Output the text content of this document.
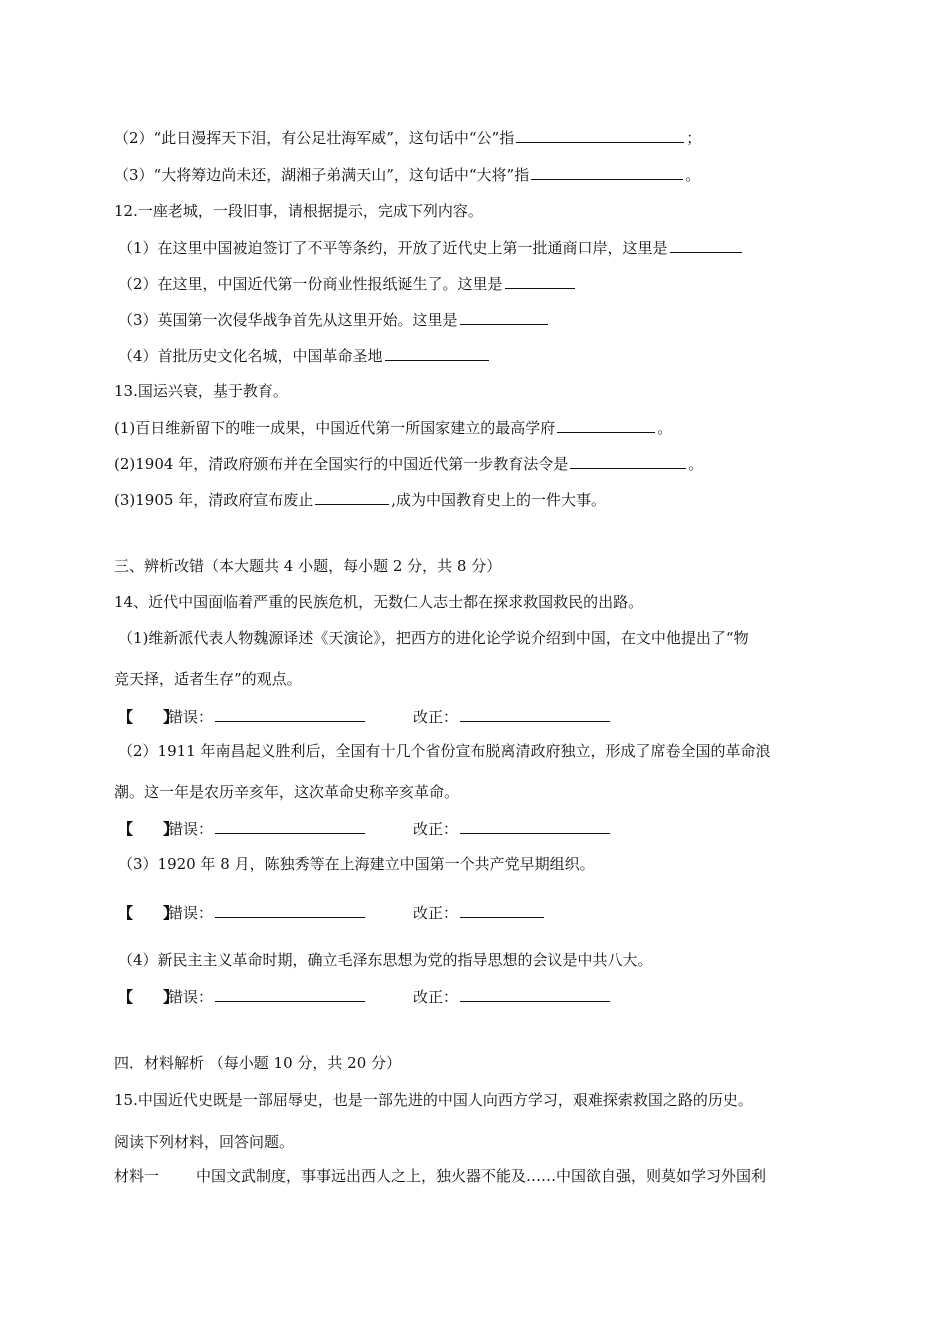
（2）“此日漫挥天下泪，有公足壮海军威”，这句话中“公”指	；
（3）“大将筹边尚未还，湖湘子弟满天山”，这句话中“大将”指	。
12.一座老城，一段旧事，请根据提示，完成下列内容。
（1）在这里中国被迫签订了不平等条约，开放了近代史上第一批通商口岸，这里是
（2）在这里，中国近代第一份商业性报纸诞生了。这里是
（3）英国第一次侵华战争首先从这里开始。这里是
（4）首批历史文化名城，中国革命圣地
13.国运兴衰，基于教育。
(1)百日维新留下的唯一成果，中国近代第一所国家建立的最高学府	。
(2)1904 年，清政府颁布并在全国实行的中国近代第一步教育法令是	。
(3)1905 年，清政府宣布废止	,成为中国教育史上的一件大事。
三、辨析改错（本大题共 4 小题，每小题 2 分，共 8 分）
14、近代中国面临着严重的民族危机，无数仁人志士都在探求救国救民的出路。
（1)维新派代表人物魏源译述《天演论》，把西方的进化论学说介绍到中国，在文中他提出了“物
竞天择，适者生存”的观点。
【　　】错误：	改正：
（2）1911 年南昌起义胜利后，全国有十几个省份宣布脱离清政府独立，形成了席卷全国的革命浪
潮。这一年是农历辛亥年，这次革命史称辛亥革命。
【　　】错误：	改正：
（3）1920 年 8 月，陈独秀等在上海建立中国第一个共产党早期组织。
【　　】错误：	改正：
（4）新民主主义革命时期，确立毛泽东思想为党的指导思想的会议是中共八大。
【　　】错误：	改正：
四．材料解析 （每小题 10 分，共 20 分）
15.中国近代史既是一部屈辱史，也是一部先进的中国人向西方学习，艰难探索救国之路的历史。
阅读下列材料，回答问题。
材料一 中国文武制度，事事远出西人之上，独火器不能及……中国欲自强，则莫如学习外国利
